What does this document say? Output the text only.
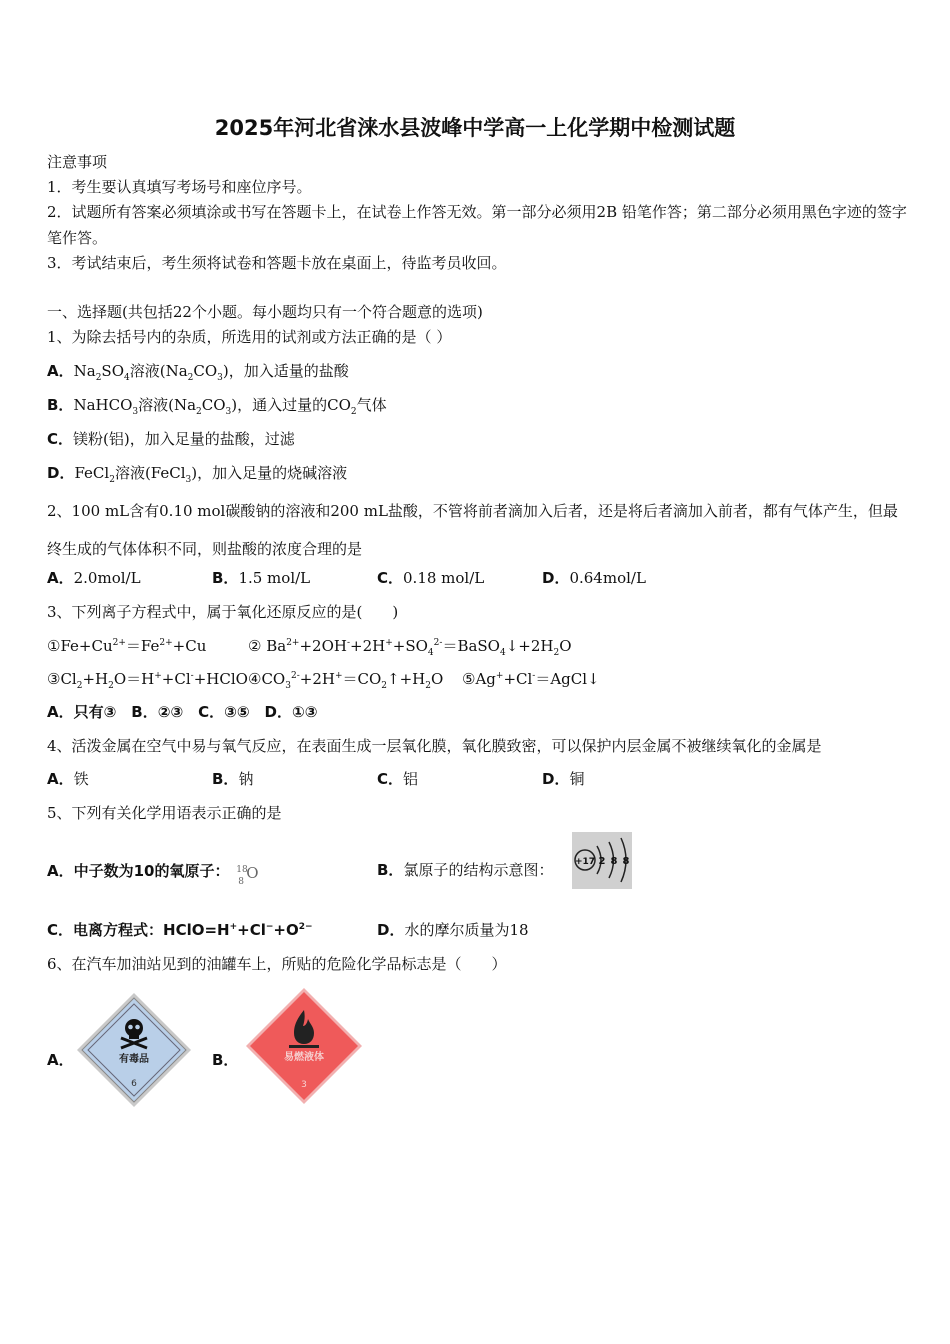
2025年河北省涞水县波峰中学高一上化学期中检测试题
注意事项
1．考生要认真填写考场号和座位序号。
2．试题所有答案必须填涂或书写在答题卡上，在试卷上作答无效。第一部分必须用2B 铅笔作答；第二部分必须用黑色字迹的签字笔作答。
3．考试结束后，考生须将试卷和答题卡放在桌面上，待监考员收回。
一、选择题(共包括22个小题。每小题均只有一个符合题意的选项)
1、为除去括号内的杂质，所选用的试剂或方法正确的是（ ）
A．$Na_2SO_4$溶液$(Na_2CO_3)$，加入适量的盐酸
B．NaHCO$_3$溶液$(Na_2CO_3)$，通入过量的$CO_2$气体
C．镁粉(铝)，加入足量的盐酸，过滤
D．FeCl$_2$溶液(FeCl$_3$)，加入足量的烧碱溶液
2、100 mL含有0.10 mol碳酸钠的溶液和200 mL盐酸，不管将前者滴加入后者，还是将后者滴加入前者，都有气体产生，但最终生成的气体体积不同，则盐酸的浓度合理的是
A．2.0mol/L	B．1.5 mol/L	C．0.18 mol/L	D．0.64mol/L
3、下列离子方程式中，属于氧化还原反应的是(　　)
$①Fe+Cu^{2+}=Fe^{2+}+Cu$	② $Ba^{2+}+2OH^-+2H^++SO_4^{2-}=BaSO_4↓+2H_2O$
$③Cl_2+H_2O=H^++Cl^-+HClO$ $④CO_3^{2-}+2H^+=CO_2↑+H_2O$ ⑤Ag++Cl-＝AgCl↓
A．只有③　B．②③　C．③⑤　D．①③
4、活泼金属在空气中易与氧气反应，在表面生成一层氧化膜，氧化膜致密，可以保护内层金属不被继续氧化的金属是
A．铁	B．钠	C．铝	D．铜
5、下列有关化学用语表示正确的是
A．中子数为10的氧原子： 18
8 O	B．氯原子的结构示意图： +17 2 8 8
C．电离方程式：$HClO=H^++Cl^-+O^{2-}$	D．水的摩尔质量为18
6、在汽车加油站见到的油罐车上，所贴的危险化学品标志是（　　）
A．	有毒品
6
B．	易燃液体
3
